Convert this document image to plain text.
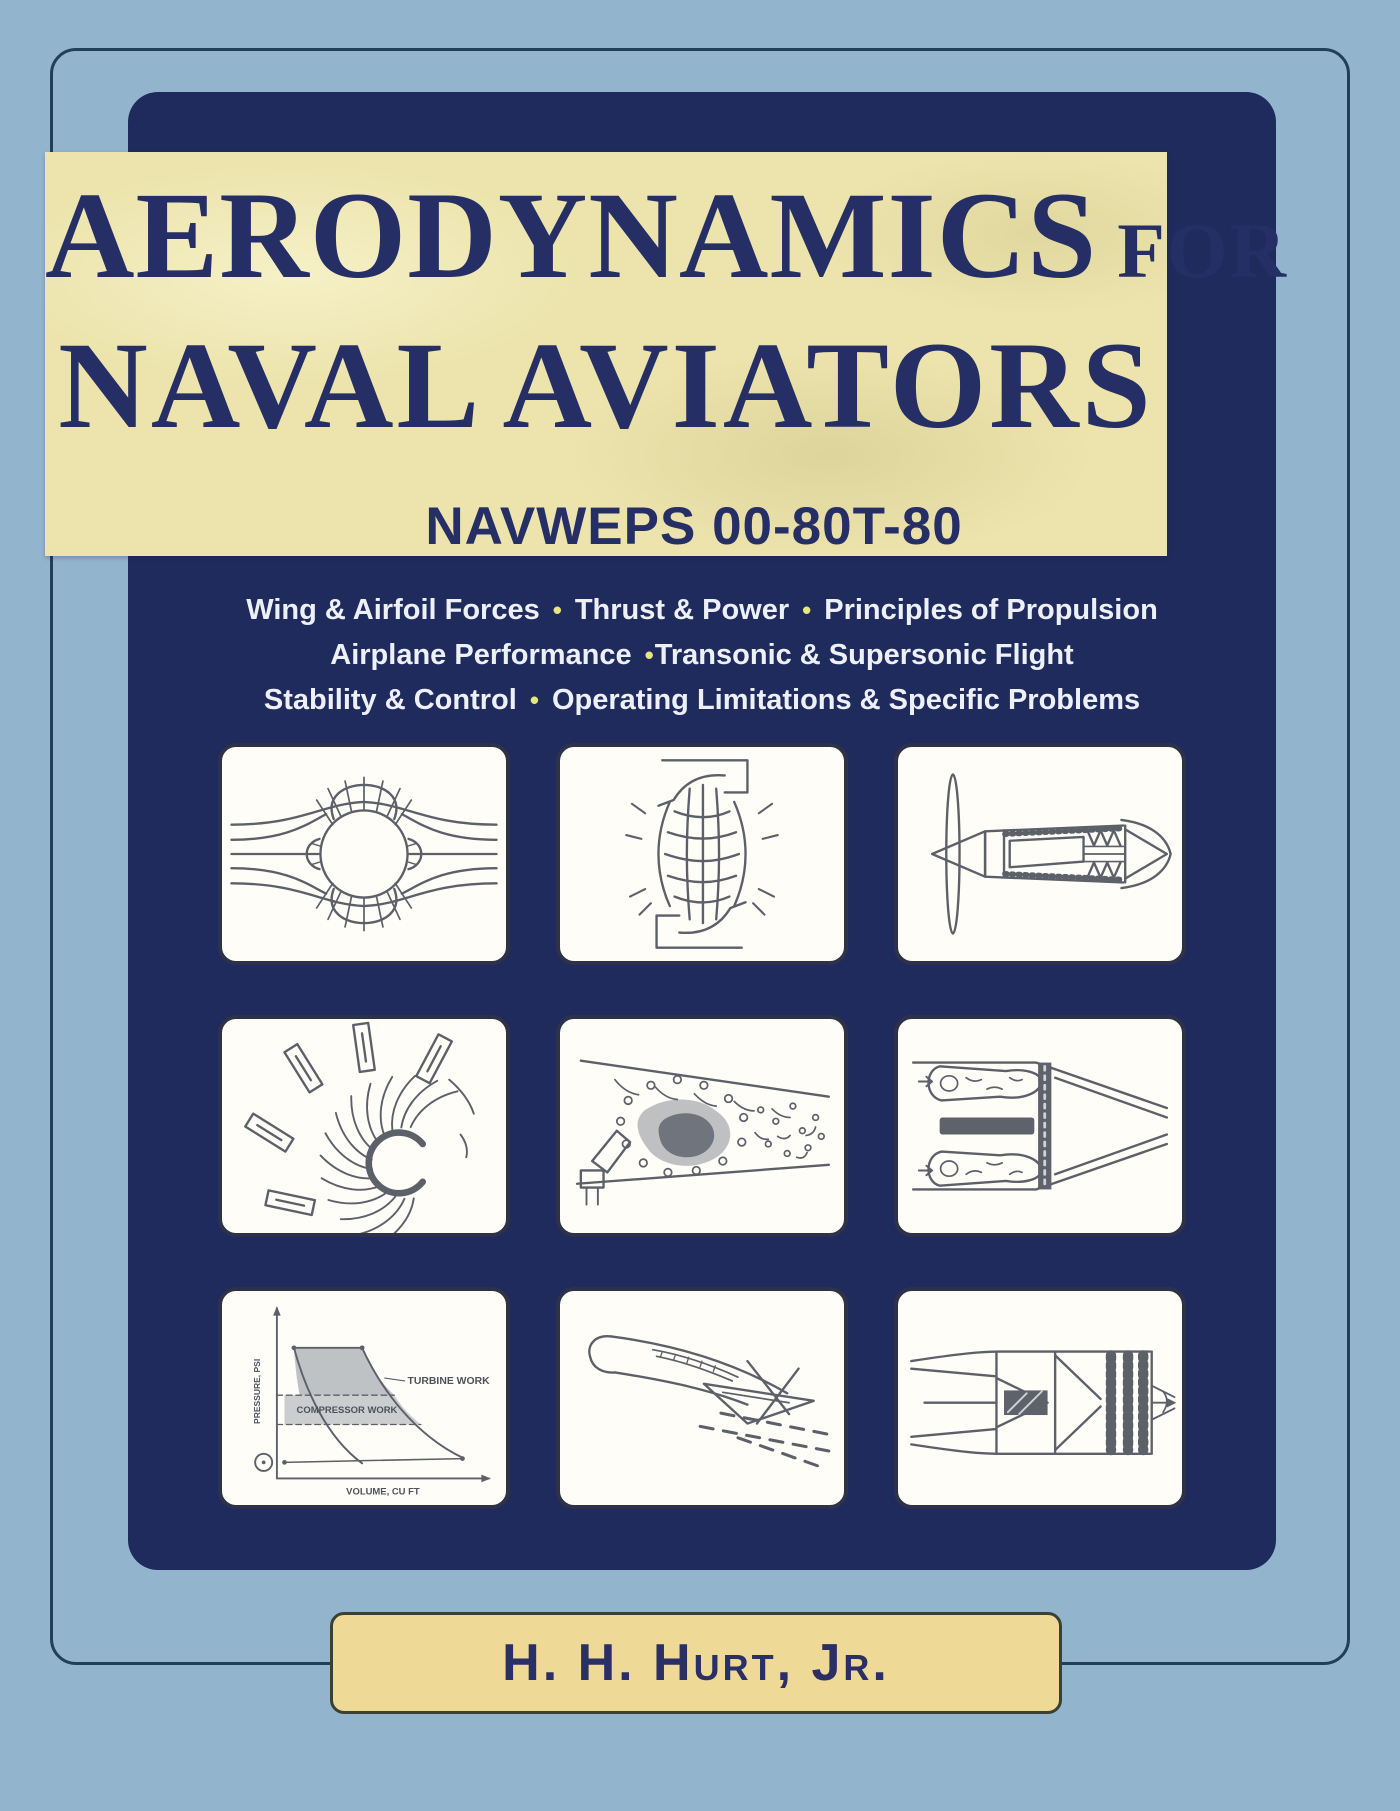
AERODYNAMICS FOR
NAVAL AVIATORS
NAVWEPS 00-80T-80
Wing & Airfoil Forces • Thrust & Power • Principles of Propulsion
Airplane Performance •Transonic & Supersonic Flight
Stability & Control • Operating Limitations & Specific Problems
TURBINE WORK
COMPRESSOR WORK
VOLUME, CU FT
PRESSURE, PSI
H. H. Hurt, Jr.
